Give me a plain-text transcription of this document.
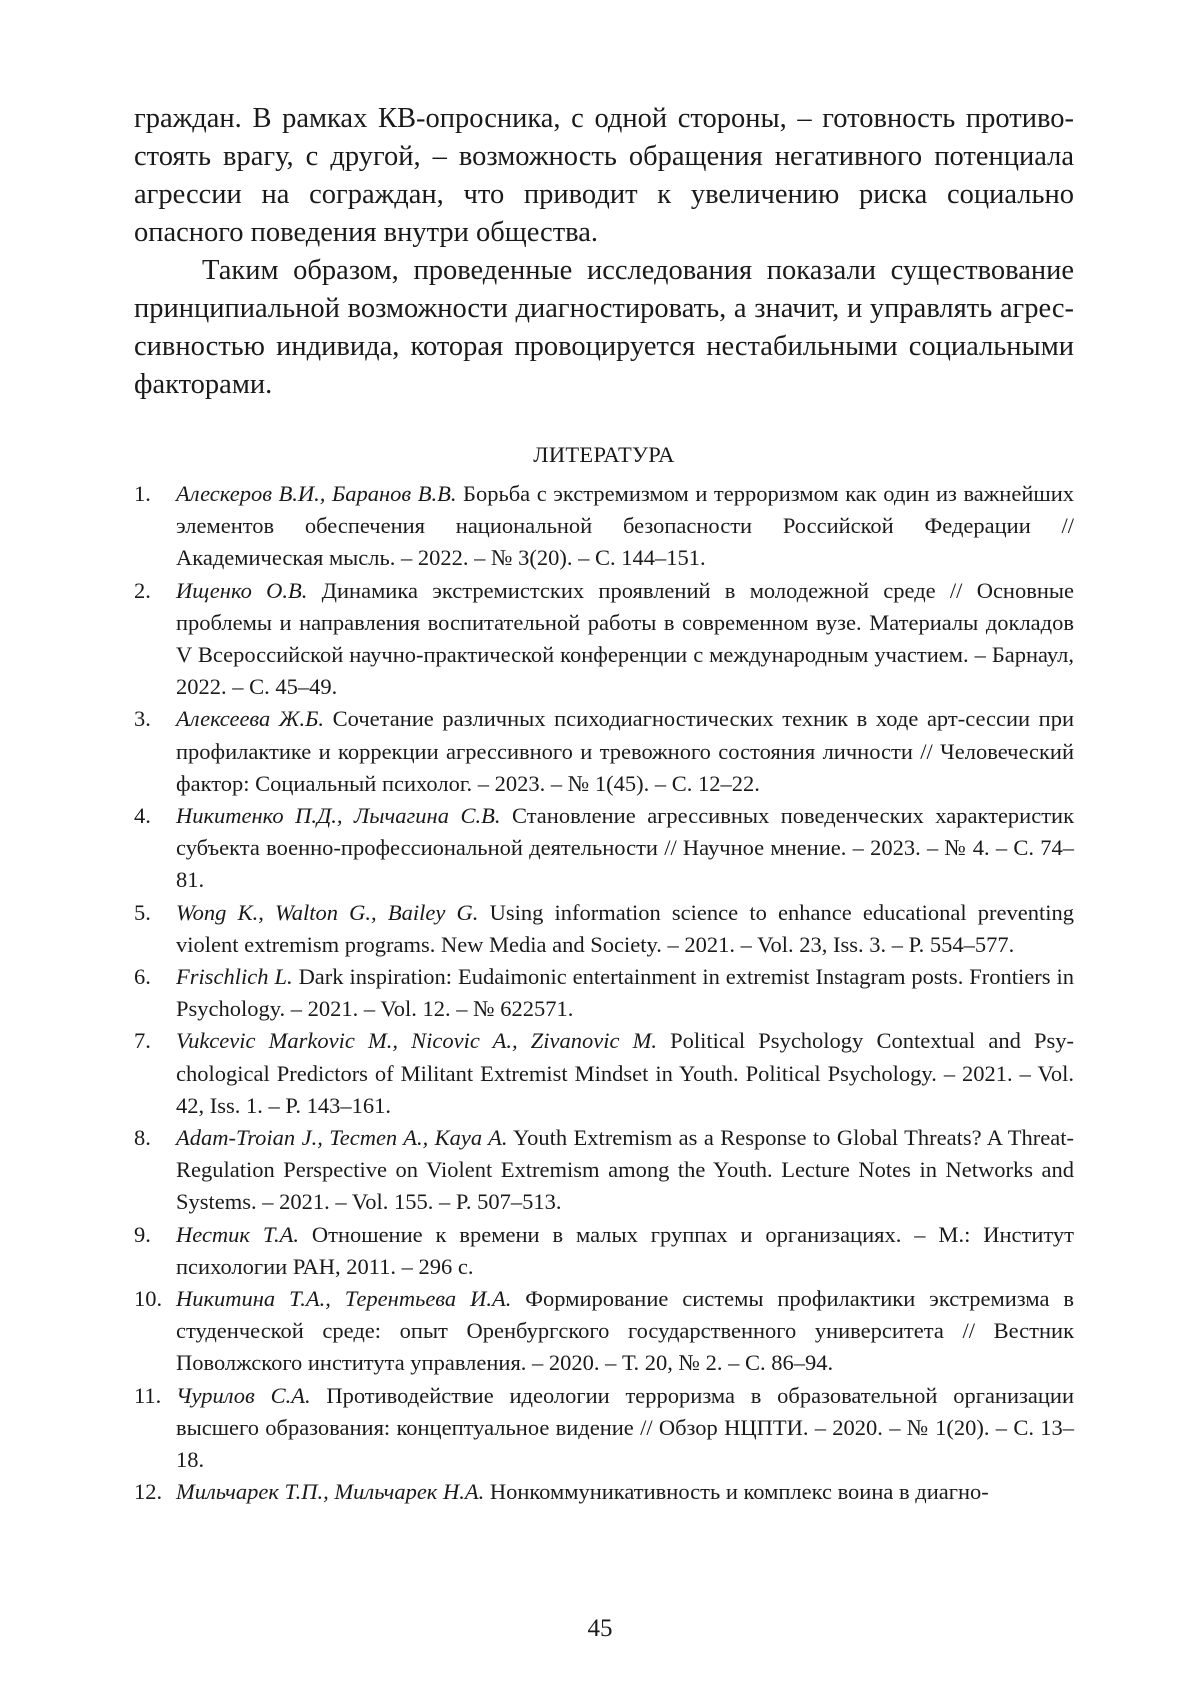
граждан. В рамках КВ-опросника, с одной стороны, – готовность противостоять врагу, с другой, – возможность обращения негативного потенциала агрессии на сограждан, что приводит к увеличению риска социально опасного поведения внутри общества.

Таким образом, проведенные исследования показали существование принципиальной возможности диагностировать, а значит, и управлять агрессивностью индивида, которая провоцируется нестабильными социальными факторами.

ЛИТЕРАТУРА
1. Алескеров В.И., Баранов В.В. Борьба с экстремизмом и терроризмом как один из важнейших элементов обеспечения национальной безопасности Российской Федерации // Академическая мысль. – 2022. – № 3(20). – С. 144–151.
2. Ищенко О.В. Динамика экстремистских проявлений в молодежной среде // Основные проблемы и направления воспитательной работы в современном вузе. Материалы докладов V Всероссийской научно-практической конференции с международным участием. – Барнаул, 2022. – С. 45–49.
3. Алексеева Ж.Б. Сочетание различных психодиагностических техник в ходе арт-сессии при профилактике и коррекции агрессивного и тревожного состояния личности // Человеческий фактор: Социальный психолог. – 2023. – № 1(45). – С. 12–22.
4. Никитенко П.Д., Лычагина С.В. Становление агрессивных поведенческих характеристик субъекта военно-профессиональной деятельности // Научное мнение. – 2023. – № 4. – С. 74–81.
5. Wong K., Walton G., Bailey G. Using information science to enhance educational preventing violent extremism programs. New Media and Society. – 2021. – Vol. 23, Iss. 3. – P. 554–577.
6. Frischlich L. Dark inspiration: Eudaimonic entertainment in extremist Instagram posts. Frontiers in Psychology. – 2021. – Vol. 12. – № 622571.
7. Vukcevic Markovic M., Nicovic A., Zivanovic M. Political Psychology Contextual and Psychological Predictors of Militant Extremist Mindset in Youth. Political Psychology. – 2021. – Vol. 42, Iss. 1. – P. 143–161.
8. Adam-Troian J., Tecmen A., Kaya A. Youth Extremism as a Response to Global Threats? A Threat-Regulation Perspective on Violent Extremism among the Youth. Lecture Notes in Networks and Systems. – 2021. – Vol. 155. – P. 507–513.
9. Нестик Т.А. Отношение к времени в малых группах и организациях. – М.: Институт психологии РАН, 2011. – 296 с.
10. Никитина Т.А., Терентьева И.А. Формирование системы профилактики экстремизма в студенческой среде: опыт Оренбургского государственного университета // Вестник Поволжского института управления. – 2020. – Т. 20, № 2. – С. 86–94.
11. Чурилов С.А. Противодействие идеологии терроризма в образовательной организации высшего образования: концептуальное видение // Обзор НЦПТИ. – 2020. – № 1(20). – С. 13–18.
12. Мильчарек Т.П., Мильчарек Н.А. Нонкоммуникативность и комплекс воина в диагно-
45
